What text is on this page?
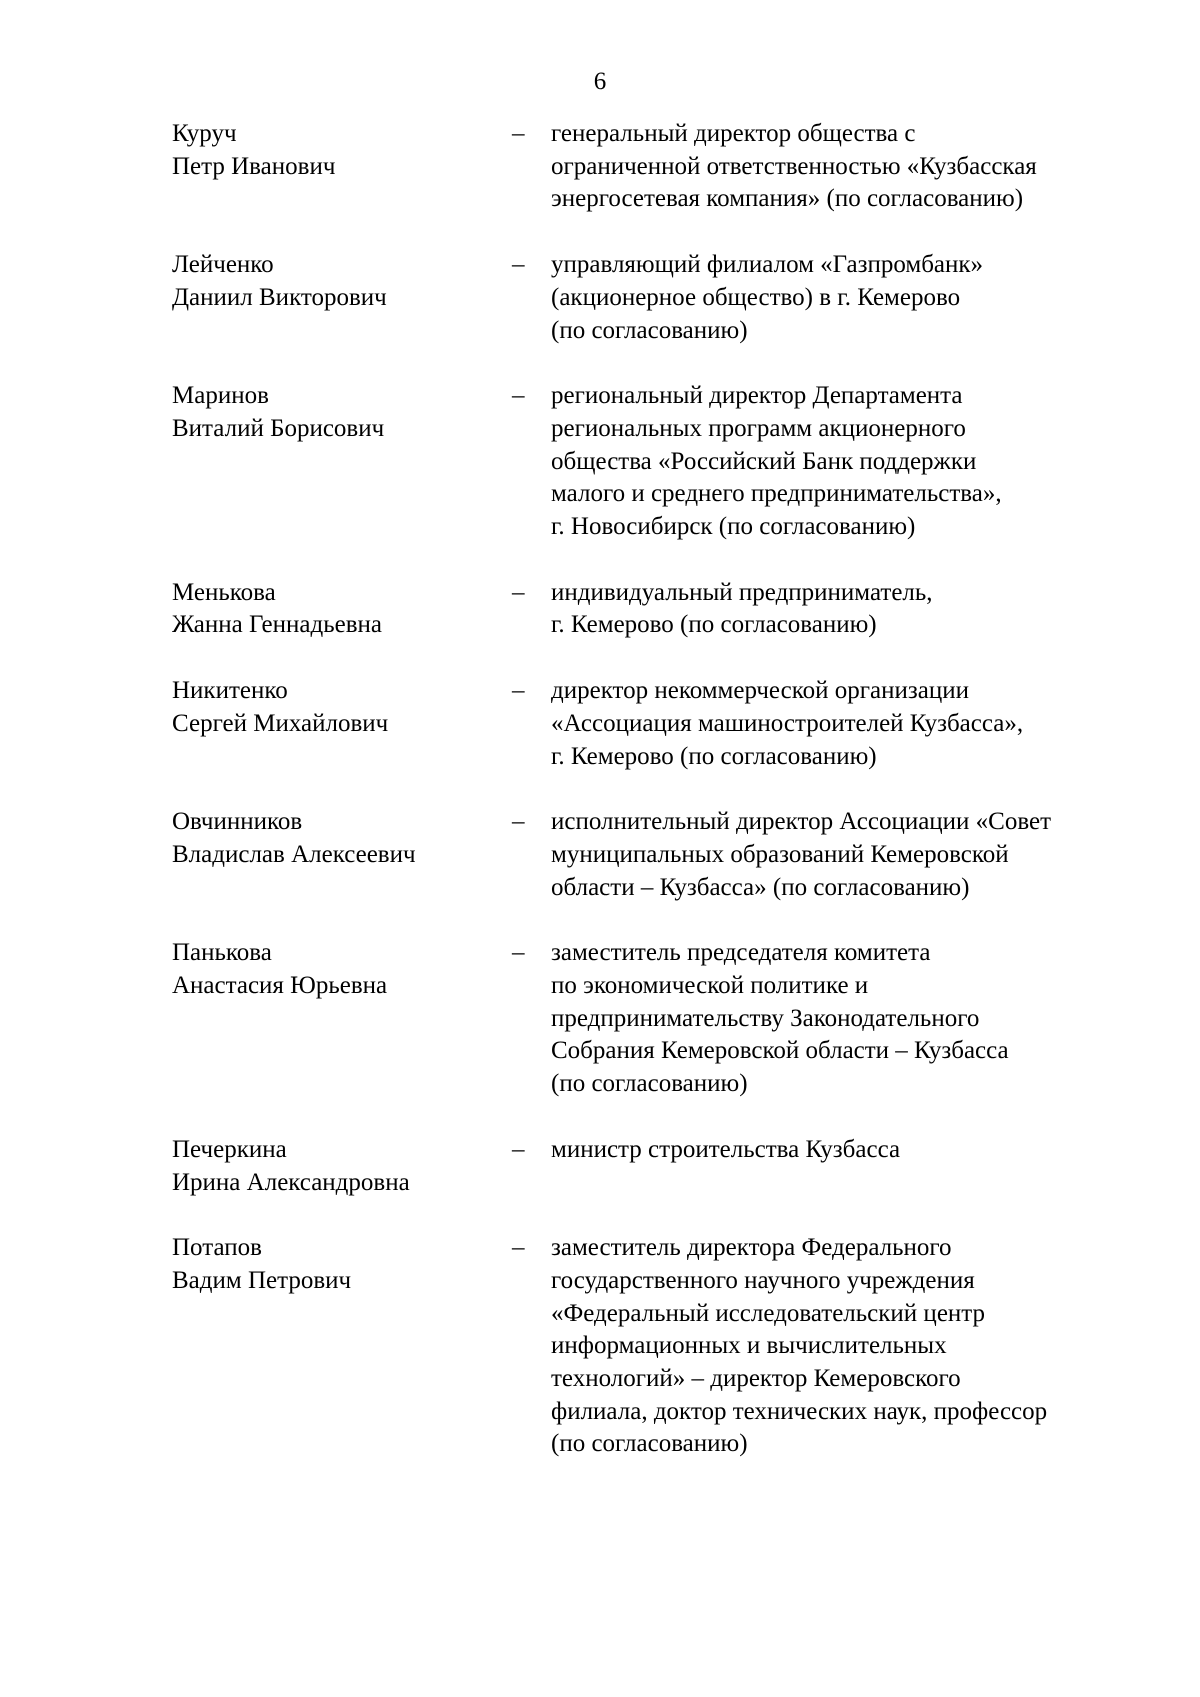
6
Куруч
Петр Иванович
– генеральный директор общества с
ограниченной ответственностью «Кузбасская
энергосетевая компания» (по согласованию)
Лейченко
Даниил Викторович
– управляющий филиалом «Газпромбанк»
(акционерное общество) в г. Кемерово
(по согласованию)
Маринов
Виталий Борисович
– региональный директор Департамента
региональных программ акционерного
общества «Российский Банк поддержки
малого и среднего предпринимательства»,
г. Новосибирск (по согласованию)
Менькова
Жанна Геннадьевна
– индивидуальный предприниматель,
г. Кемерово (по согласованию)
Никитенко
Сергей Михайлович
– директор некоммерческой организации
«Ассоциация машиностроителей Кузбасса»,
г. Кемерово (по согласованию)
Овчинников
Владислав Алексеевич
– исполнительный директор Ассоциации «Совет
муниципальных образований Кемеровской
области – Кузбасса» (по согласованию)
Панькова
Анастасия Юрьевна
– заместитель председателя комитета
по экономической политике и
предпринимательству Законодательного
Собрания Кемеровской области – Кузбасса
(по согласованию)
Печеркина
Ирина Александровна
– министр строительства Кузбасса
Потапов
Вадим Петрович
– заместитель директора Федерального
государственного научного учреждения
«Федеральный исследовательский центр
информационных и вычислительных
технологий» – директор Кемеровского
филиала, доктор технических наук, профессор
(по согласованию)
